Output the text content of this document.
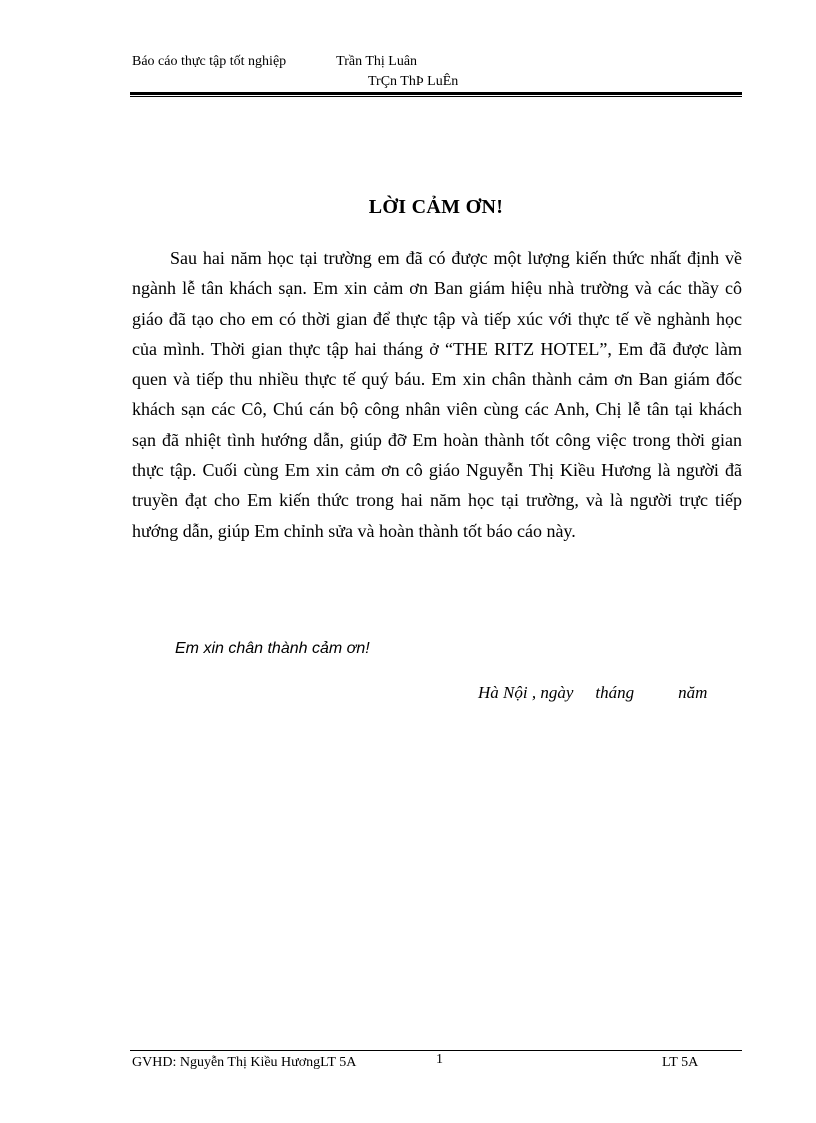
Báo cáo thực tập tốt nghiệp	Trần Thị Luân
TrÇn ThÞ LuÊn
LỜI CẢM ƠN!

Sau hai năm học tại trường em đã có được một lượng kiến thức nhất định về ngành lễ tân khách sạn. Em xin cảm ơn Ban giám hiệu nhà trường và các thầy cô giáo đã tạo cho em có thời gian để thực tập và tiếp xúc với thực tế về nghành học của mình. Thời gian thực tập hai tháng ở “THE RITZ HOTEL”, Em đã được làm quen và tiếp thu nhiều thực tế quý báu. Em xin chân thành cảm ơn Ban giám đốc khách sạn các Cô, Chú cán bộ công nhân viên cùng các Anh, Chị lễ tân tại khách sạn đã nhiệt tình hướng dẫn, giúp đỡ Em hoàn thành tốt công việc trong thời gian thực tập. Cuối cùng Em xin cảm ơn cô giáo Nguyễn Thị Kiều Hương là người đã truyền đạt cho Em kiến thức trong hai năm học tại trường, và là người trực tiếp hướng dẫn, giúp Em chỉnh sửa và hoàn thành tốt báo cáo này.

Em xin chân thành cảm ơn!
Hà Nội , ngày tháng	năm
GVHD: Nguyễn Thị Kiều HươngLT 5A	1	LT 5A
